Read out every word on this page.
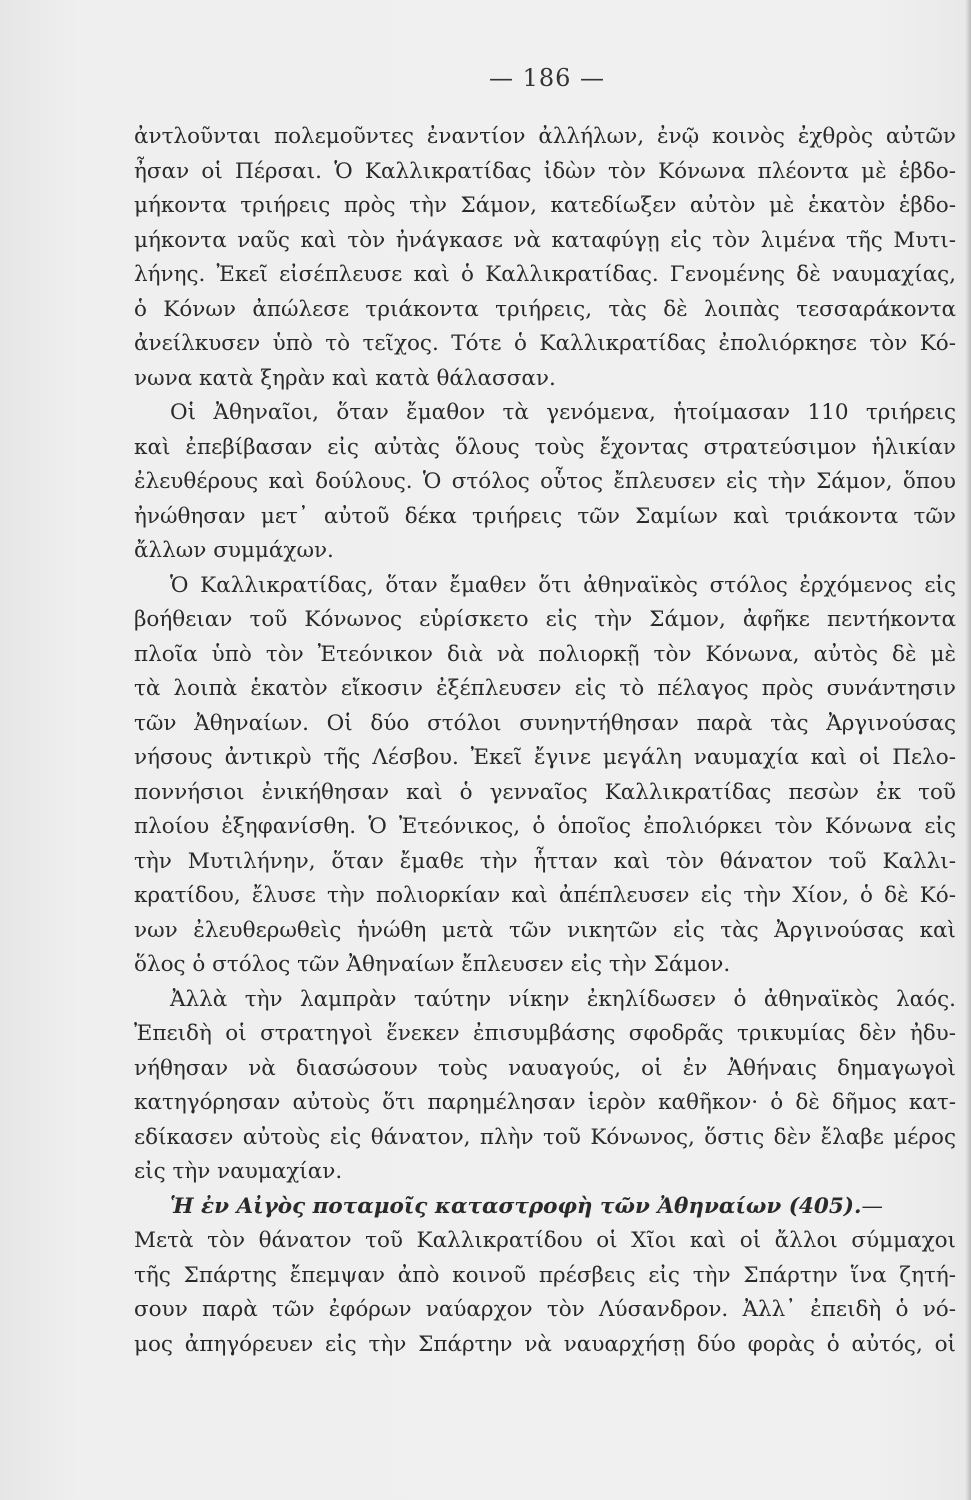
— 186 —
ἀντλοῦνται πολεμοῦντες ἐναντίον ἀλλήλων, ἐνῷ κοινὸς ἐχθρὸς αὐτῶν
ἦσαν οἱ Πέρσαι. Ὁ Καλλικρατίδας ἰδὼν τὸν Κόνωνα πλέοντα μὲ ἑβδο-
μήκοντα τριήρεις πρὸς τὴν Σάμον, κατεδίωξεν αὐτὸν μὲ ἑκατὸν ἑβδο-
μήκοντα ναῦς καὶ τὸν ἠνάγκασε νὰ καταφύγῃ εἰς τὸν λιμένα τῆς Μυτι-
λήνης. Ἐκεῖ εἰσέπλευσε καὶ ὁ Καλλικρατίδας. Γενομένης δὲ ναυμαχίας,
ὁ Κόνων ἀπώλεσε τριάκοντα τριήρεις, τὰς δὲ λοιπὰς τεσσαράκοντα
ἀνείλκυσεν ὑπὸ τὸ τεῖχος. Τότε ὁ Καλλικρατίδας ἐπολιόρκησε τὸν Κό-
νωνα κατὰ ξηρὰν καὶ κατὰ θάλασσαν.
Οἱ Ἀθηναῖοι, ὅταν ἔμαθον τὰ γενόμενα, ἡτοίμασαν 110 τριήρεις
καὶ ἐπεβίβασαν εἰς αὐτὰς ὅλους τοὺς ἔχοντας στρατεύσιμον ἡλικίαν
ἐλευθέρους καὶ δούλους. Ὁ στόλος οὗτος ἔπλευσεν εἰς τὴν Σάμον, ὅπου
ἠνώθησαν μετ᾽ αὐτοῦ δέκα τριήρεις τῶν Σαμίων καὶ τριάκοντα τῶν
ἄλλων συμμάχων.
Ὁ Καλλικρατίδας, ὅταν ἔμαθεν ὅτι ἀθηναϊκὸς στόλος ἐρχόμενος εἰς
βοήθειαν τοῦ Κόνωνος εὑρίσκετο εἰς τὴν Σάμον, ἀφῆκε πεντήκοντα
πλοῖα ὑπὸ τὸν Ἐτεόνικον διὰ νὰ πολιορκῇ τὸν Κόνωνα, αὐτὸς δὲ μὲ
τὰ λοιπὰ ἑκατὸν εἴκοσιν ἐξέπλευσεν εἰς τὸ πέλαγος πρὸς συνάντησιν
τῶν Ἀθηναίων. Οἱ δύο στόλοι συνηντήθησαν παρὰ τὰς Ἀργινούσας
νήσους ἀντικρὺ τῆς Λέσβου. Ἐκεῖ ἔγινε μεγάλη ναυμαχία καὶ οἱ Πελο-
ποννήσιοι ἐνικήθησαν καὶ ὁ γενναῖος Καλλικρατίδας πεσὼν ἐκ τοῦ
πλοίου ἐξηφανίσθη. Ὁ Ἐτεόνικος, ὁ ὁποῖος ἐπολιόρκει τὸν Κόνωνα εἰς
τὴν Μυτιλήνην, ὅταν ἔμαθε τὴν ἧτταν καὶ τὸν θάνατον τοῦ Καλλι-
κρατίδου, ἔλυσε τὴν πολιορκίαν καὶ ἀπέπλευσεν εἰς τὴν Χίον, ὁ δὲ Κό-
νων ἐλευθερωθεὶς ἡνώθη μετὰ τῶν νικητῶν εἰς τὰς Ἀργινούσας καὶ
ὅλος ὁ στόλος τῶν Ἀθηναίων ἔπλευσεν εἰς τὴν Σάμον.
Ἀλλὰ τὴν λαμπρὰν ταύτην νίκην ἐκηλίδωσεν ὁ ἀθηναϊκὸς λαός.
Ἐπειδὴ οἱ στρατηγοὶ ἕνεκεν ἐπισυμβάσης σφοδρᾶς τρικυμίας δὲν ἠδυ-
νήθησαν νὰ διασώσουν τοὺς ναυαγούς, οἱ ἐν Ἀθήναις δημαγωγοὶ
κατηγόρησαν αὐτοὺς ὅτι παρημέλησαν ἱερὸν καθῆκον· ὁ δὲ δῆμος κατ-
εδίκασεν αὐτοὺς εἰς θάνατον, πλὴν τοῦ Κόνωνος, ὅστις δὲν ἔλαβε μέρος
εἰς τὴν ναυμαχίαν.
Ἡ ἐν Αἰγὸς ποταμοῖς καταστροφὴ τῶν Ἀθηναίων (405).—
Μετὰ τὸν θάνατον τοῦ Καλλικρατίδου οἱ Χῖοι καὶ οἱ ἄλλοι σύμμαχοι
τῆς Σπάρτης ἔπεμψαν ἀπὸ κοινοῦ πρέσβεις εἰς τὴν Σπάρτην ἵνα ζητή-
σουν παρὰ τῶν ἐφόρων ναύαρχον τὸν Λύσανδρον. Ἀλλ᾽ ἐπειδὴ ὁ νό-
μος ἀπηγόρευεν εἰς τὴν Σπάρτην νὰ ναυαρχήσῃ δύο φορὰς ὁ αὐτός, οἱ
